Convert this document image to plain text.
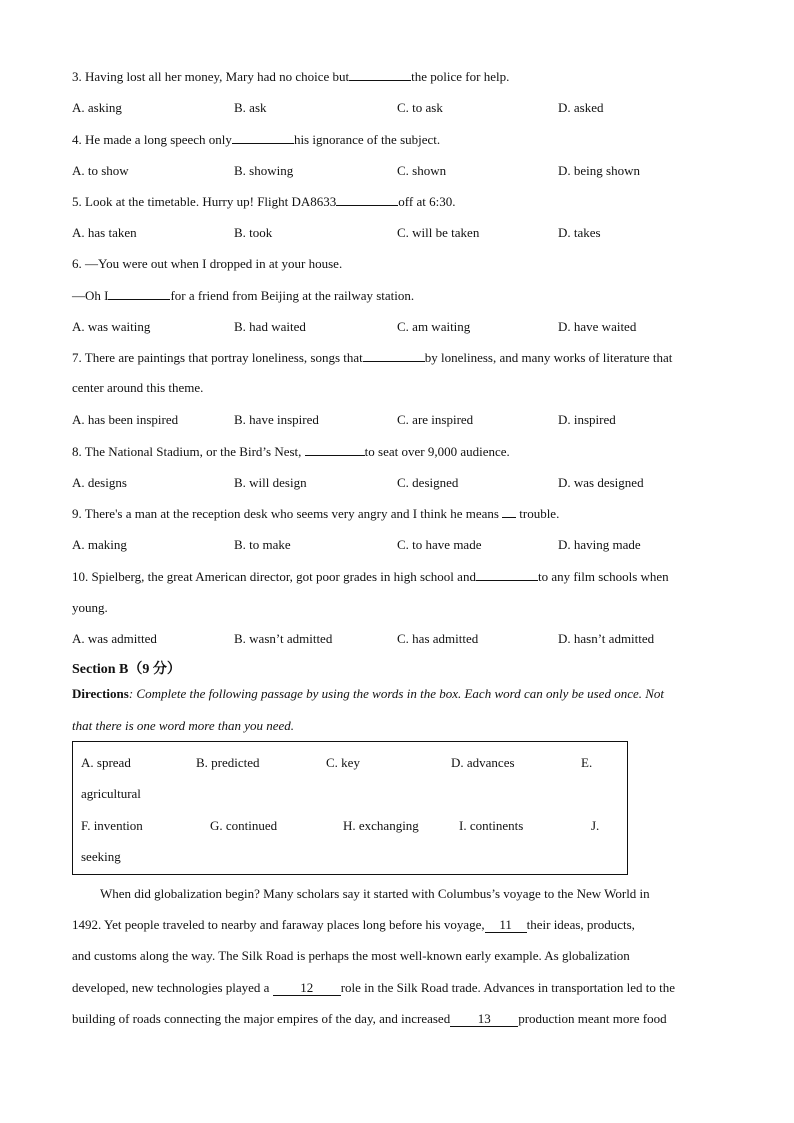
3. Having lost all her money, Mary had no choice but	the police for help.
A. asking	B. ask	C. to ask	D. asked
4. He made a long speech only	his ignorance of the subject.
A. to show	B. showing	C. shown	D. being shown
5. Look at the timetable. Hurry up! Flight DA8633	off at 6:30.
A. has taken	B. took	C. will be taken	D. takes
6. —You were out when I dropped in at your house.
—Oh I	for a friend from Beijing at the railway station.
A. was waiting	B. had waited	C. am waiting	D. have waited
7. There are paintings that portray loneliness, songs that	by loneliness, and many works of literature that
center around this theme.
A. has been inspired	B. have inspired	C. are inspired	D. inspired
8. The National Stadium, or the Bird’s Nest,	to seat over 9,000 audience.
A. designs	B. will design	C. designed	D. was designed
9. There's a man at the reception desk who seems very angry and I think he means trouble.
A. making	B. to make	C. to have made	D. having made
10. Spielberg, the great American director, got poor grades in high school and	to any film schools when
young.
A. was admitted	B. wasn’t admitted	C. has admitted	D. hasn’t admitted
Section B（9 分）
Directions: Complete the following passage by using the words in the box. Each word can only be used once. Not
that there is one word more than you need.
A. spread	B. predicted	C. key	D. advances	E.
agricultural
F. invention	G. continued	H. exchanging	I. continents	J.
seeking
When did globalization begin? Many scholars say it started with Columbus’s voyage to the New World in
1492. Yet people traveled to nearby and faraway places long before his voyage, 11 their ideas, products,
and customs along the way. The Silk Road is perhaps the most well-known early example. As globalization
developed, new technologies played a 12 role in the Silk Road trade. Advances in transportation led to the
building of roads connecting the major empires of the day, and increased 13 production meant more food
